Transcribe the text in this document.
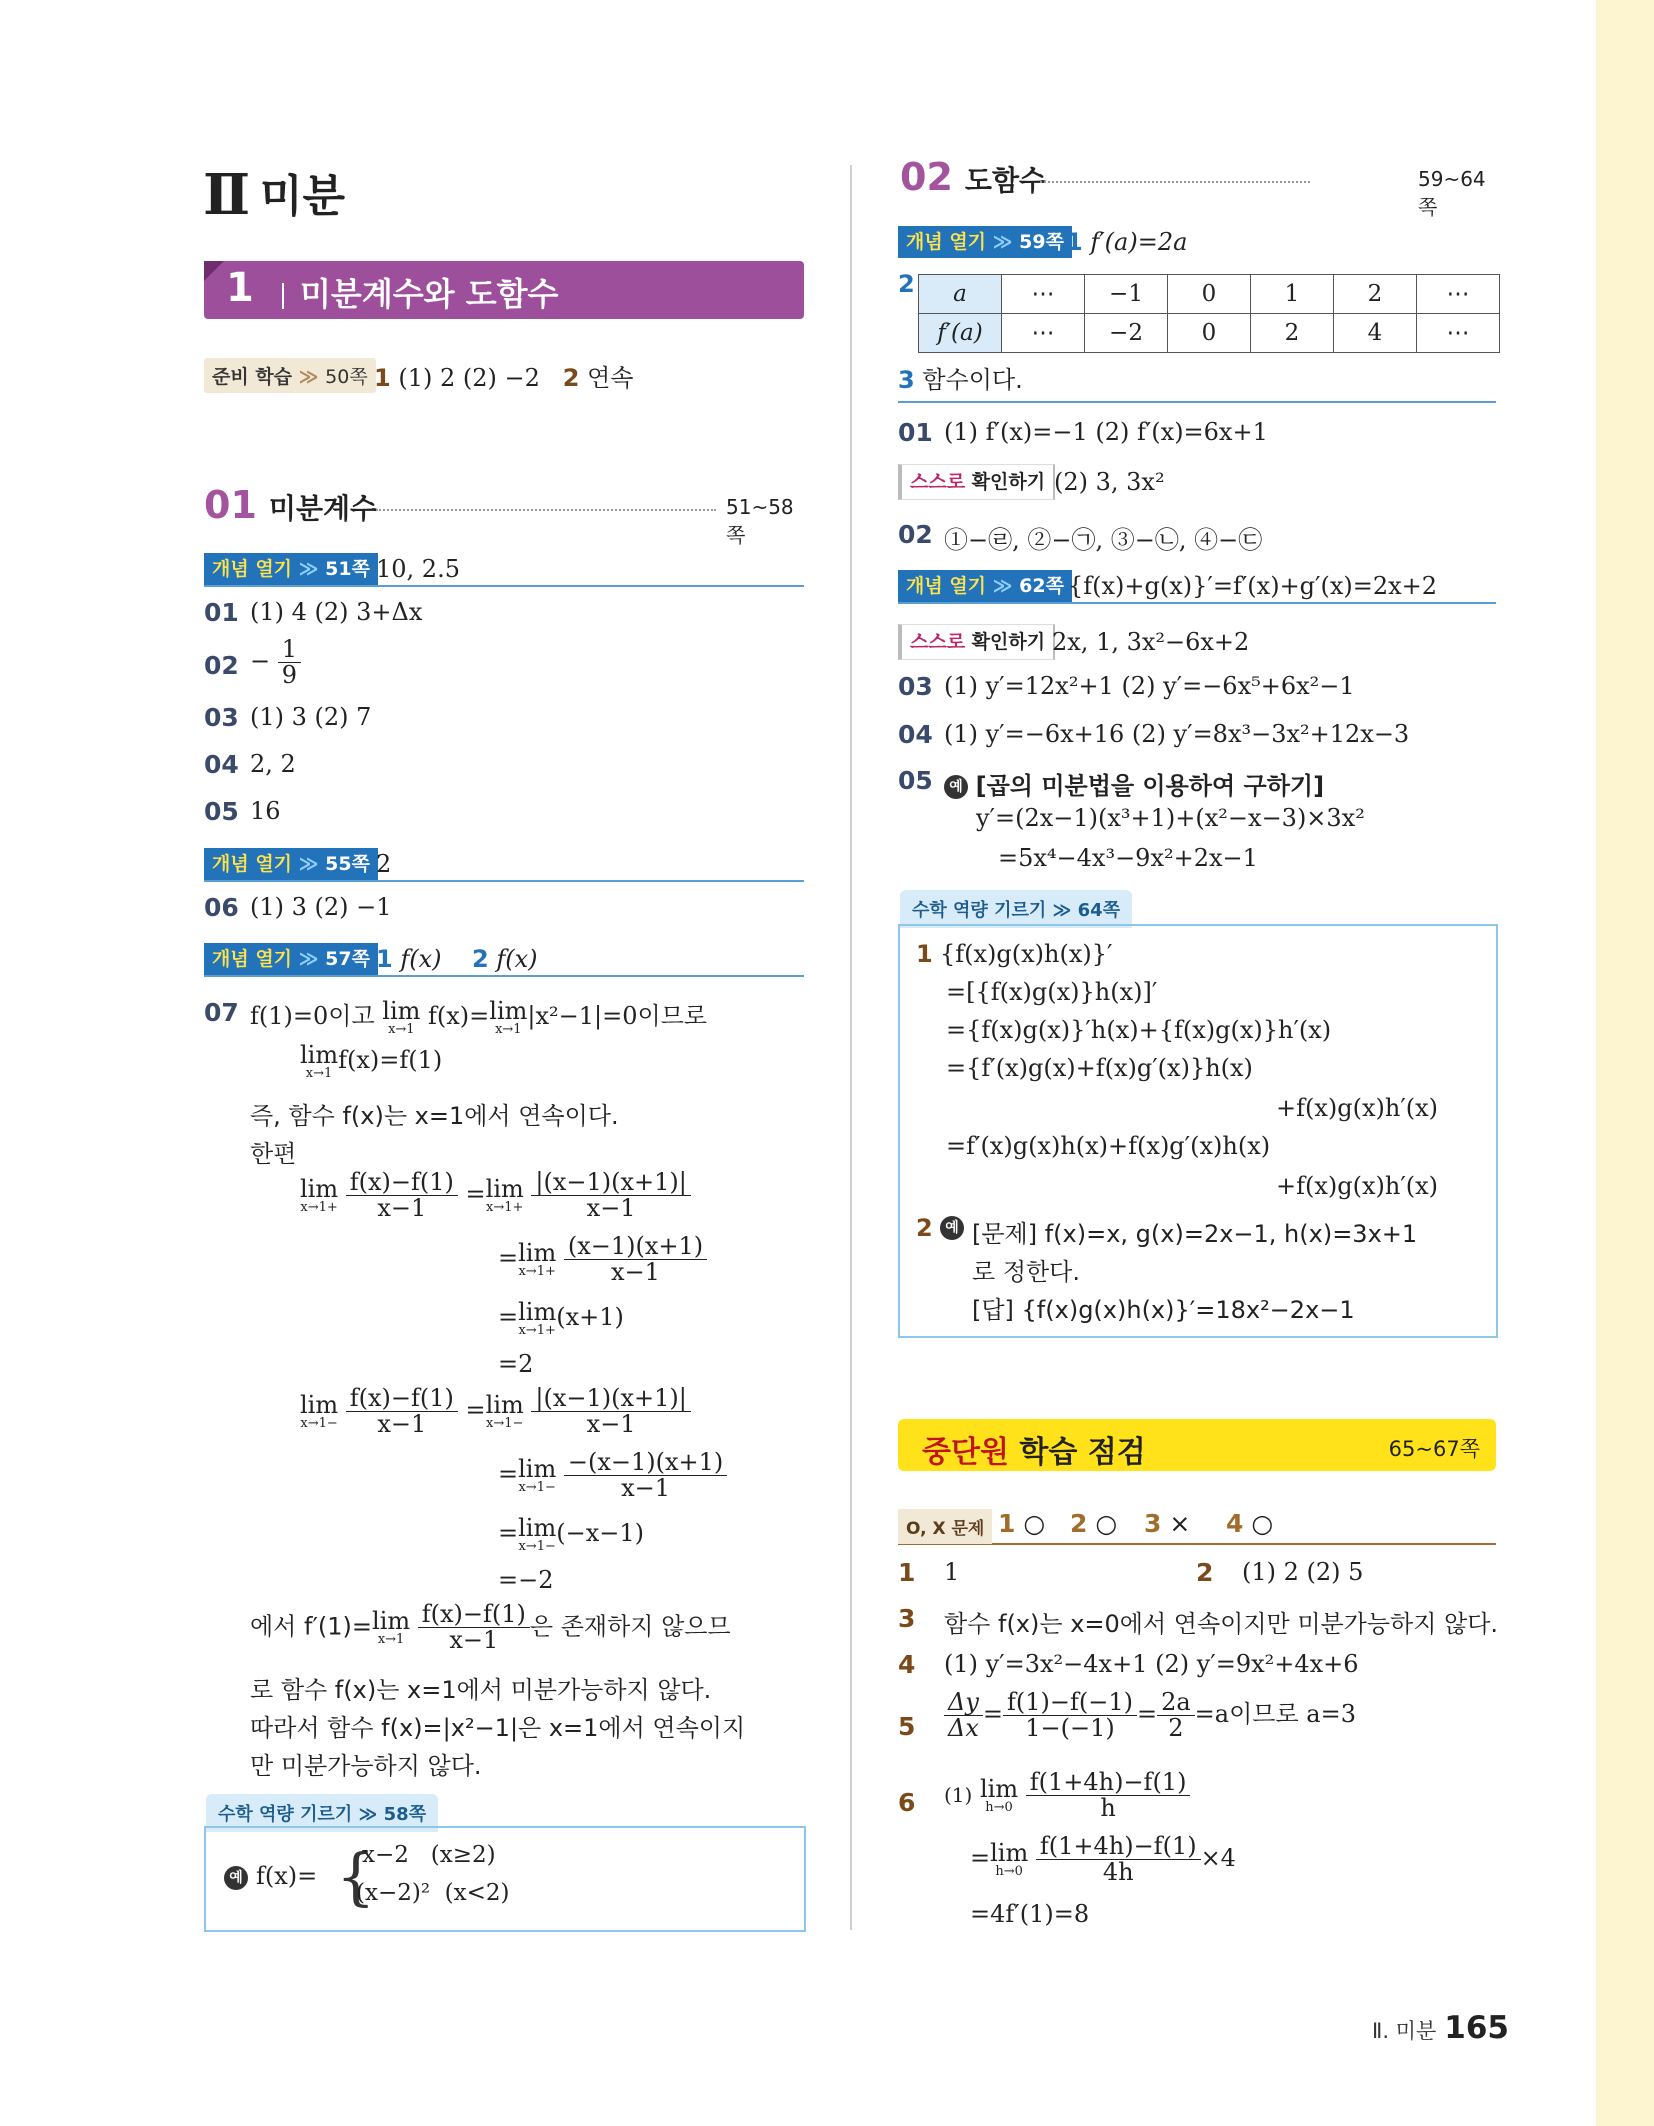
Ⅱ 미분
1	미분계수와 도함수
준비 학습 ≫ 50쪽 1 (1) 2 (2) −2 2 연속
01 미분계수	51~58쪽
개념 열기 ≫ 51쪽 10, 2.5
01 (1) 4 (2) 3+Δx
$02 - \frac{1}{9}$
03 (1) 3 (2) 7
04 2, 2
05 16
개념 열기 ≫ 55쪽 2
06 (1) 3 (2) −1
개념 열기 ≫ 57쪽 1 f(x) 2 f(x)
07 f(1)=0이고 lim
x→1 f(x)= lim
x→1 |x²−1|=0이므로
lim
x→1 f(x)=f(1)
즉, 함수 f(x)는 x=1에서 연속이다.
한편
lim
x→1+
$\frac{f(x)-f(1)}{x-1} = \lim$
x→1+
$\frac{|(x-1)(x+1)|}{x-1}$
= lim
x→1+
$\frac{(x-1)(x+1)}{x-1}$
= lim
x→1+ (x+1)
=2
lim
x→1−
$\frac{f(x)-f(1)}{x-1} = \lim$
x→1−
$\frac{|(x-1)(x+1)|}{x-1}$
= lim
x→1−
$\frac{-(x-1)(x+1)}{x-1}$
= lim
x→1− (−x−1)
=−2
에서 f′(1)= lim
x→1
$\frac{f(x)-f(1)}{x-1}$ 은 존재하지 않으므
로 함수 f(x)는 x=1에서 미분가능하지 않다.
따라서 함수 f(x)=|x²−1|은 x=1에서 연속이지
만 미분가능하지 않다.
수학 역량 기르기 ≫ 58쪽
예 f(x)= {
x−2   (x≥2)
(x−2)²  (x<2)
02 도함수	59~64쪽
개념 열기 ≫ 59쪽 1 f′(a)=2a
2 a	⋯	−1	0	1	2	⋯
f′(a)	⋯	−2	0	2	4	⋯
3 함수이다.
01 (1) f′(x)=−1 (2) f′(x)=6x+1
스스로 확인하기 (2) 3, 3x²
02 ①−㉣, ②−㉠, ③−㉡, ④−㉢
개념 열기 ≫ 62쪽 {f(x)+g(x)}′=f′(x)+g′(x)=2x+2
스스로 확인하기 2x, 1, 3x²−6x+2
03 (1) y′=12x²+1 (2) y′=−6x⁵+6x²−1
04 (1) y′=−6x+16 (2) y′=8x³−3x²+12x−3
05	예 [곱의 미분법을 이용하여 구하기]
y′=(2x−1)(x³+1)+(x²−x−3)×3x²
=5x⁴−4x³−9x²+2x−1
수학 역량 기르기 ≫ 64쪽
1 {f(x)g(x)h(x)}′
=[{f(x)g(x)}h(x)]′
={f(x)g(x)}′h(x)+{f(x)g(x)}h′(x)
={f′(x)g(x)+f(x)g′(x)}h(x)
+f(x)g(x)h′(x)
=f′(x)g(x)h(x)+f(x)g′(x)h(x)
+f(x)g(x)h′(x)
2 예 [문제] f(x)=x, g(x)=2x−1, h(x)=3x+1
로 정한다.
[답] {f(x)g(x)h(x)}′=18x²−2x−1
중단원 학습 점검	65~67쪽
O, X 문제 1 ○ 2 ○ 3 × 4 ○
1 1	2 (1) 2 (2) 5
3 함수 f(x)는 x=0에서 연속이지만 미분가능하지 않다.
4 (1) y′=3x²−4x+1 (2) y′=9x²+4x+6
$5 \frac{\Delta y}{\Delta x} = \frac{f(1)-f(-1)}{1-(-1)} = \frac{2a}{2} =a$이므로 a=3
6 (1) lim
h→0
$\frac{f(1+4h)-f(1)}{h}$
= lim
h→0
$\frac{f(1+4h)-f(1)}{4h} \times 4$
=4f′(1)=8
Ⅱ. 미분 165
